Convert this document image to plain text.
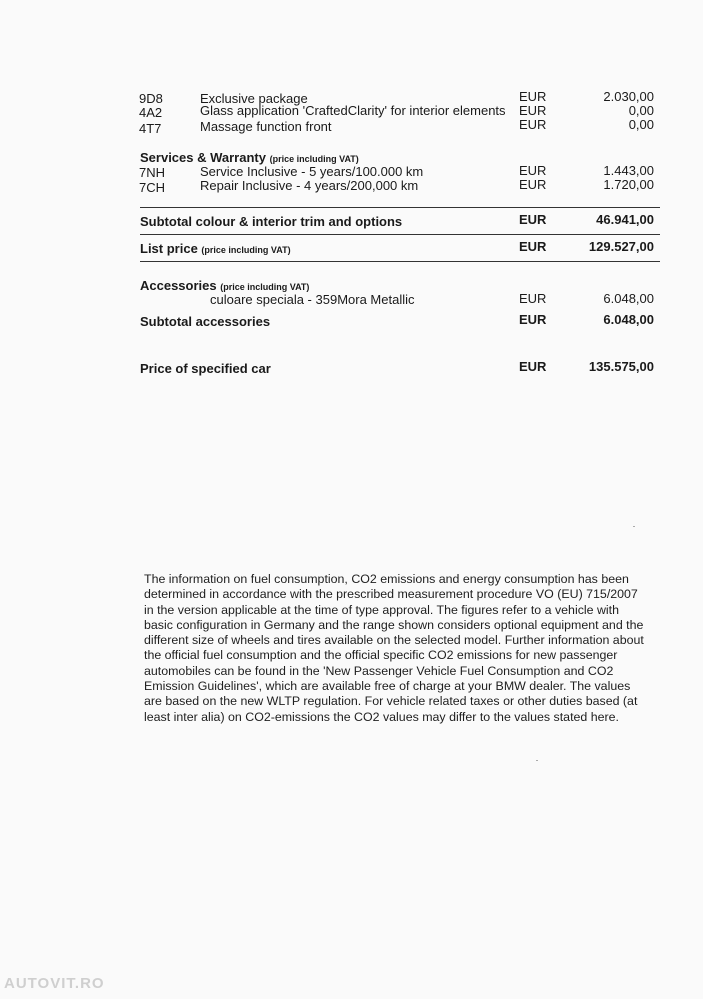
9D8	Exclusive package	EUR	2.030,00
4A2	Glass application 'CraftedClarity' for interior elements EUR	0,00
4T7	Massage function front	EUR	0,00
Services & Warranty (price including VAT)
7NH	Service Inclusive - 5 years/100.000 km	EUR	1.443,00
7CH	Repair Inclusive - 4 years/200,000 km	EUR	1.720,00
Subtotal colour & interior trim and options	EUR	46.941,00
List price (price including VAT)	EUR	129.527,00
Accessories (price including VAT)
culoare speciala - 359Mora Metallic	EUR	6.048,00
Subtotal accessories	EUR	6.048,00
Price of specified car	EUR	135.575,00
The information on fuel consumption, CO2 emissions and energy consumption has been determined in accordance with the prescribed measurement procedure VO (EU) 715/2007 in the version applicable at the time of type approval. The figures refer to a vehicle with basic configuration in Germany and the range shown considers optional equipment and the different size of wheels and tires available on the selected model. Further information about the official fuel consumption and the official specific CO2 emissions for new passenger automobiles can be found in the 'New Passenger Vehicle Fuel Consumption and CO2 Emission Guidelines', which are available free of charge at your BMW dealer. The values are based on the new WLTP regulation. For vehicle related taxes or other duties based (at least inter alia) on CO2-emissions the CO2 values may differ to the values stated here.
AUTOVIT.RO
